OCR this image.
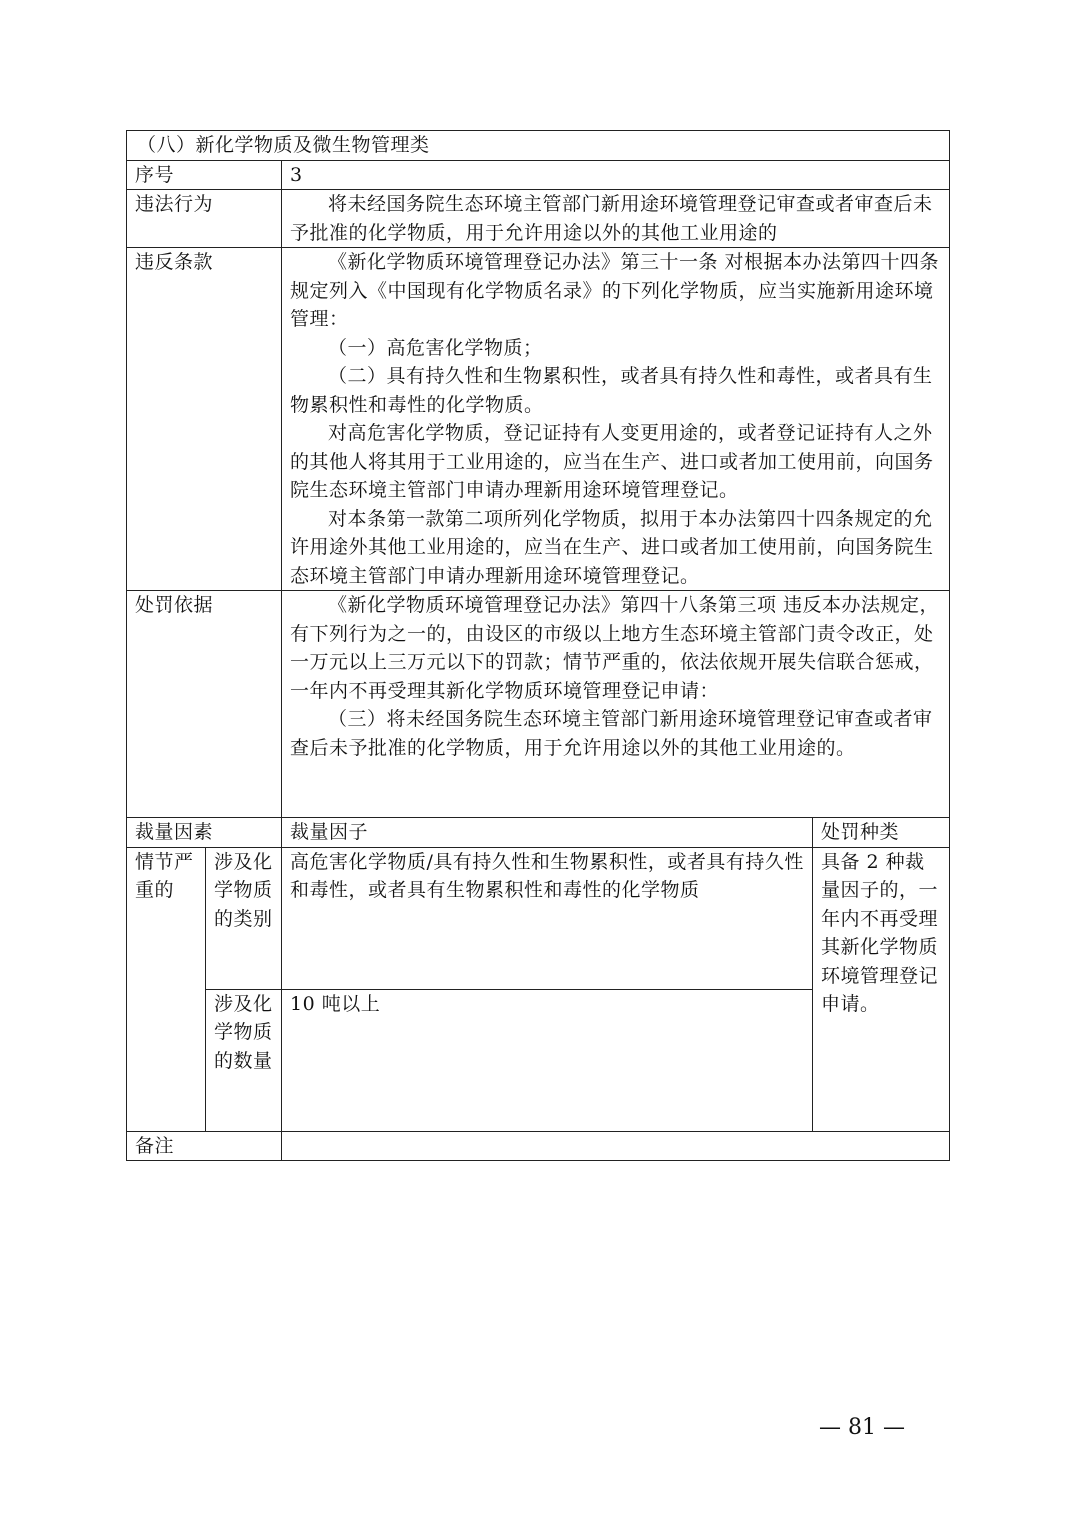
（八）新化学物质及微生物管理类			
序号		3	
违法行为		将未经国务院生态环境主管部门新用途环境管理登记审查或者审查后未予批准的化学物质，用于允许用途以外的其他工业用途的	

违反条款		《新化学物质环境管理登记办法》第三十一条 对根据本办法第四十四条规定列入《中国现有化学物质名录》的下列化学物质，应当实施新用途环境管理：

（一）高危害化学物质；

（二）具有持久性和生物累积性，或者具有持久性和毒性，或者具有生物累积性和毒性的化学物质。

对高危害化学物质，登记证持有人变更用途的，或者登记证持有人之外的其他人将其用于工业用途的，应当在生产、进口或者加工使用前，向国务院生态环境主管部门申请办理新用途环境管理登记。

对本条第一款第二项所列化学物质，拟用于本办法第四十四条规定的允许用途外其他工业用途的，应当在生产、进口或者加工使用前，向国务院生态环境主管部门申请办理新用途环境管理登记。	

处罚依据		《新化学物质环境管理登记办法》第四十八条第三项 违反本办法规定，有下列行为之一的，由设区的市级以上地方生态环境主管部门责令改正，处一万元以上三万元以下的罚款；情节严重的，依法依规开展失信联合惩戒，一年内不再受理其新化学物质环境管理登记申请：

（三）将未经国务院生态环境主管部门新用途环境管理登记审查或者审查后未予批准的化学物质，用于允许用途以外的其他工业用途的。	

裁量因素		裁量因子	处罚种类
情节严重的	涉及化学物质的类别	高危害化学物质/具有持久性和生物累积性，或者具有持久性和毒性，或者具有生物累积性和毒性的化学物质	具备 2 种裁量因子的，一年内不再受理其新化学物质环境管理登记申请。
	涉及化学物质的数量	10 吨以上	
备注			
— 81 —
